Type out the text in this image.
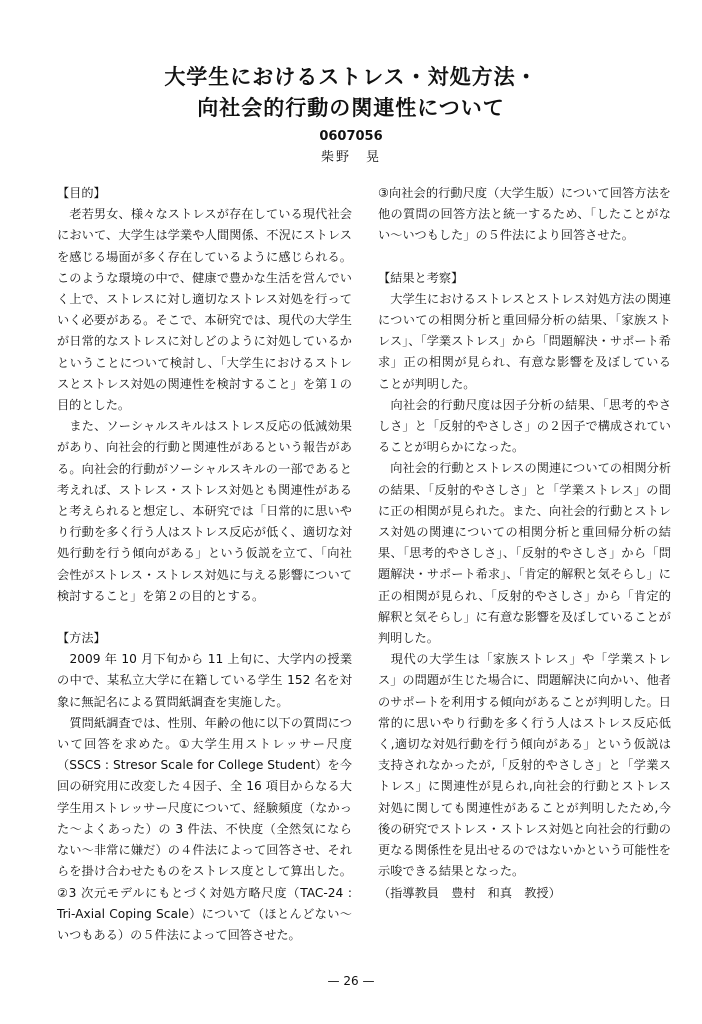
大学生におけるストレス・対処方法・
向社会的行動の関連性について
0607056
柴野　晃

【目的】

　老若男女、様々なストレスが存在している現代社会において、大学生は学業や人間関係、不況にストレスを感じる場面が多く存在しているように感じられる。このような環境の中で、健康で豊かな生活を営んでいく上で、ストレスに対し適切なストレス対処を行っていく必要がある。そこで、本研究では、現代の大学生が日常的なストレスに対しどのように対処しているかということについて検討し、「大学生におけるストレスとストレス対処の関連性を検討すること」を第１の目的とした。

　また、ソーシャルスキルはストレス反応の低減効果があり、向社会的行動と関連性があるという報告がある。向社会的行動がソーシャルスキルの一部であると考えれば、ストレス・ストレス対処とも関連性があると考えられると想定し、本研究では「日常的に思いやり行動を多く行う人はストレス反応が低く、適切な対処行動を行う傾向がある」という仮説を立て、「向社会性がストレス・ストレス対処に与える影響について検討すること」を第２の目的とする。

【方法】

　2009 年 10 月下旬から 11 上旬に、大学内の授業の中で、某私立大学に在籍している学生 152 名を対象に無記名による質問紙調査を実施した。

　質問紙調査では、性別、年齢の他に以下の質問について回答を求めた。①大学生用ストレッサー尺度（SSCS : Stresor Scale for College Student）を今回の研究用に改変した４因子、全 16 項目からなる大学生用ストレッサー尺度について、経験頻度（なかった〜よくあった）の 3 件法、不快度（全然気にならない〜非常に嫌だ）の４件法によって回答させ、それらを掛け合わせたものをストレス度として算出した。②3 次元モデルにもとづく対処方略尺度（TAC-24 : Tri-Axial Coping Scale）について（ほとんどない〜いつもある）の５件法によって回答させた。

③向社会的行動尺度（大学生版）について回答方法を他の質問の回答方法と統一するため、「したことがない〜いつもした」の５件法により回答させた。

【結果と考察】

　大学生におけるストレスとストレス対処方法の関連についての相関分析と重回帰分析の結果、「家族ストレス」、「学業ストレス」から「問題解決・サポート希求」正の相関が見られ、有意な影響を及ぼしていることが判明した。

　向社会的行動尺度は因子分析の結果、「思考的やさしさ」と「反射的やさしさ」の２因子で構成されていることが明らかになった。

　向社会的行動とストレスの関連についての相関分析の結果、「反射的やさしさ」と「学業ストレス」の間に正の相関が見られた。また、向社会的行動とストレス対処の関連についての相関分析と重回帰分析の結果、「思考的やさしさ」、「反射的やさしさ」から「問題解決・サポート希求」、「肯定的解釈と気そらし」に正の相関が見られ、「反射的やさしさ」から「肯定的解釈と気そらし」に有意な影響を及ぼしていることが判明した。

　現代の大学生は「家族ストレス」や「学業ストレス」の問題が生じた場合に、問題解決に向かい、他者のサポートを利用する傾向があることが判明した。日常的に思いやり行動を多く行う人はストレス反応低く,適切な対処行動を行う傾向がある」という仮説は支持されなかったが,「反射的やさしさ」と「学業ストレス」に関連性が見られ,向社会的行動とストレス対処に関しても関連性があることが判明したため,今後の研究でストレス・ストレス対処と向社会的行動の更なる関係性を見出せるのではないかという可能性を示唆できる結果となった。

（指導教員　豊村　和真　教授）

— 26 —
